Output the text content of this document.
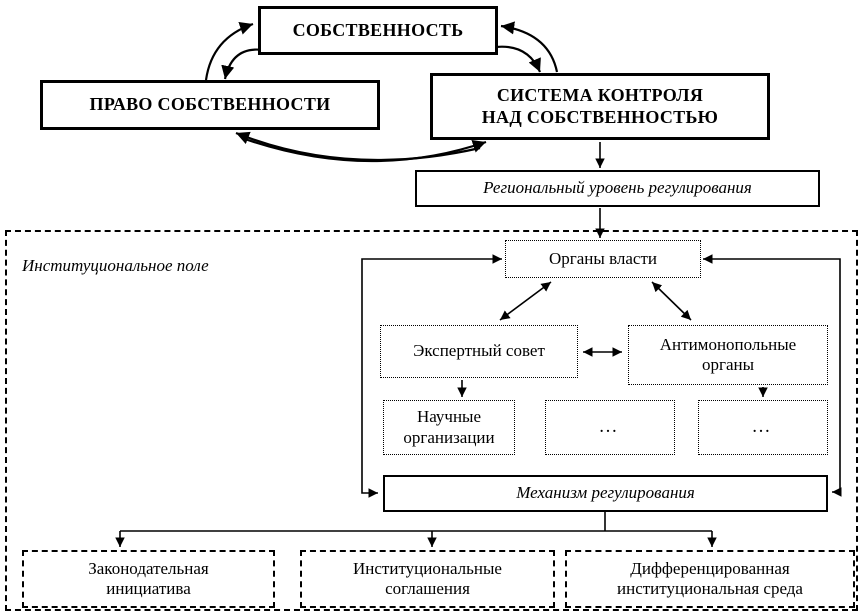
Институциональное поле
СОБСТВЕННОСТЬ
ПРАВО СОБСТВЕННОСТИ	СИСТЕМА КОНТРОЛЯ
НАД СОБСТВЕННОСТЬЮ
Региональный уровень регулирования
Органы власти
Экспертный совет	Антимонопольные
органы
Научные
организации	…	…
Механизм регулирования
Законодательная
инициатива
Институциональные
соглашения
Дифференцированная
институциональная среда
